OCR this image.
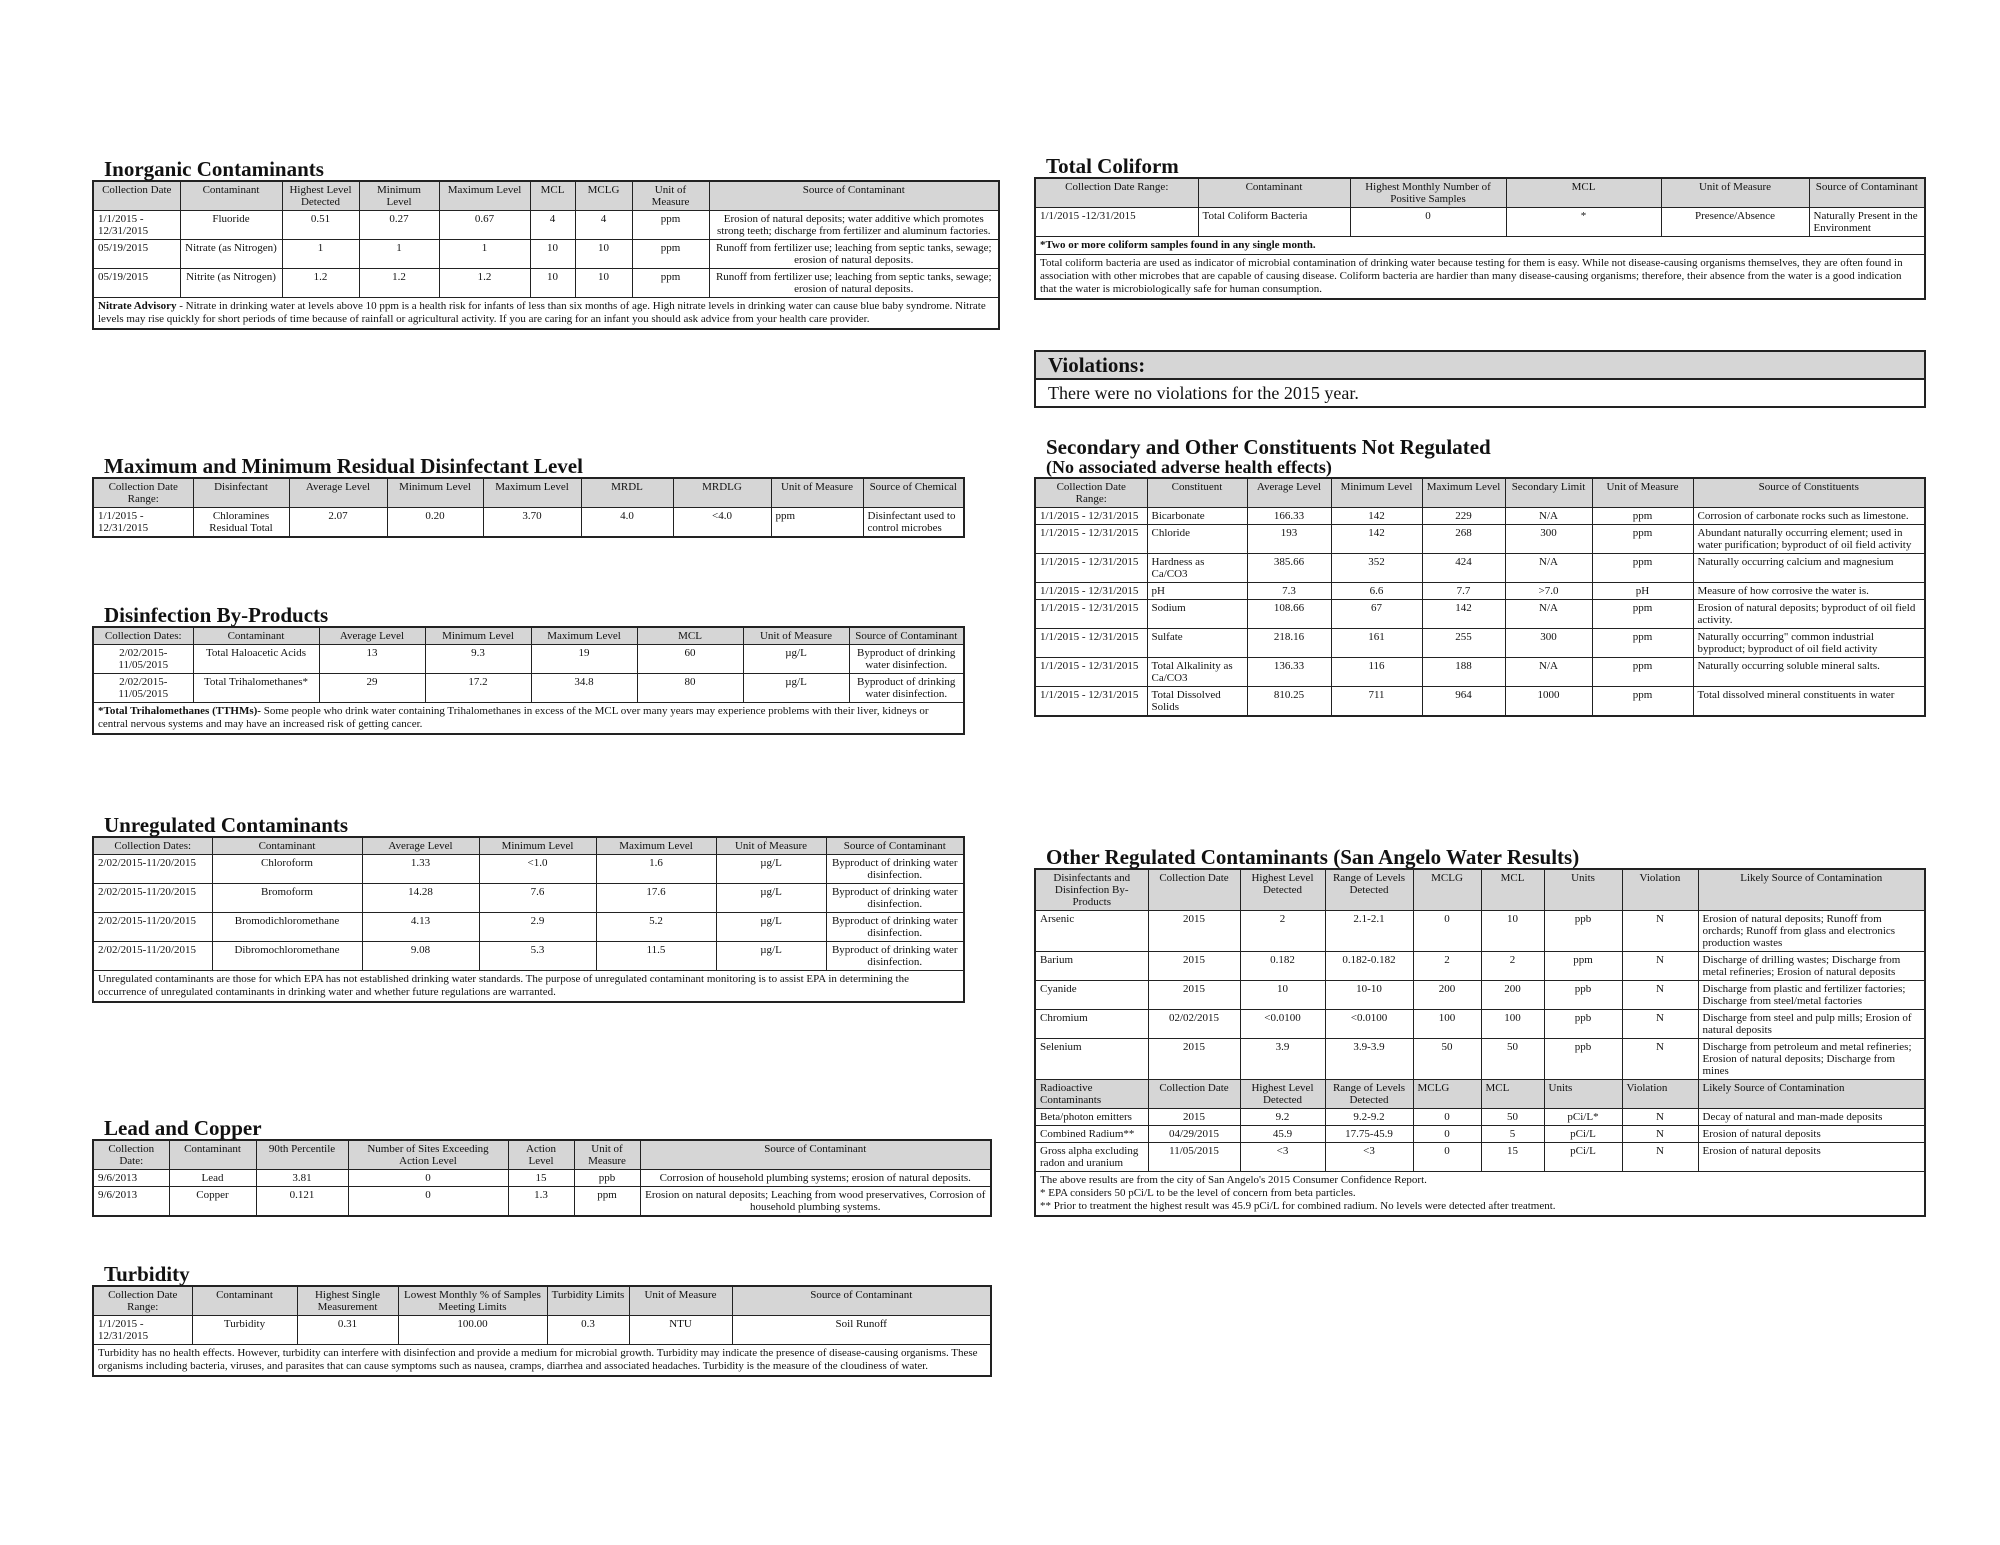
Inorganic Contaminants
Collection Date	Contaminant	Highest Level Detected	Minimum Level	Maximum Level	MCL	MCLG	Unit of Measure	Source of Contaminant
1/1/2015 - 12/31/2015	Fluoride	0.51	0.27	0.67	4	4	ppm	Erosion of natural deposits; water additive which promotes strong teeth; discharge from fertilizer and aluminum factories.
05/19/2015	Nitrate (as Nitrogen)	1	1	1	10	10	ppm	Runoff from fertilizer use; leaching from septic tanks, sewage; erosion of natural deposits.
05/19/2015	Nitrite (as Nitrogen)	1.2	1.2	1.2	10	10	ppm	Runoff from fertilizer use; leaching from septic tanks, sewage; erosion of natural deposits.
Nitrate Advisory - Nitrate in drinking water at levels above 10 ppm is a health risk for infants of less than six months of age. High nitrate levels in drinking water can cause blue baby syndrome. Nitrate levels may rise quickly for short periods of time because of rainfall or agricultural activity. If you are caring for an infant you should ask advice from your health care provider.								
Maximum and Minimum Residual Disinfectant Level
Collection Date Range:	Disinfectant	Average Level	Minimum Level	Maximum Level	MRDL	MRDLG	Unit of Measure	Source of Chemical
1/1/2015 - 12/31/2015	Chloramines Residual Total	2.07	0.20	3.70	4.0	<4.0	ppm	Disinfectant used to control microbes
Disinfection By-Products
Collection Dates:	Contaminant	Average Level	Minimum Level	Maximum Level	MCL	Unit of Measure	Source of Contaminant
2/02/2015-11/05/2015	Total Haloacetic Acids	13	9.3	19	60	µg/L	Byproduct of drinking water disinfection.
2/02/2015-11/05/2015	Total Trihalomethanes*	29	17.2	34.8	80	µg/L	Byproduct of drinking water disinfection.
*Total Trihalomethanes (TTHMs)- Some people who drink water containing Trihalomethanes in excess of the MCL over many years may experience problems with their liver, kidneys or central nervous systems and may have an increased risk of getting cancer.							
Unregulated Contaminants
Collection Dates:	Contaminant	Average Level	Minimum Level	Maximum Level	Unit of Measure	Source of Contaminant
2/02/2015-11/20/2015	Chloroform	1.33	<1.0	1.6	µg/L	Byproduct of drinking water disinfection.
2/02/2015-11/20/2015	Bromoform	14.28	7.6	17.6	µg/L	Byproduct of drinking water disinfection.
2/02/2015-11/20/2015	Bromodichloromethane	4.13	2.9	5.2	µg/L	Byproduct of drinking water disinfection.
2/02/2015-11/20/2015	Dibromochloromethane	9.08	5.3	11.5	µg/L	Byproduct of drinking water disinfection.
Unregulated contaminants are those for which EPA has not established drinking water standards. The purpose of unregulated contaminant monitoring is to assist EPA in determining the occurrence of unregulated contaminants in drinking water and whether future regulations are warranted.						
Lead and Copper
Collection Date:	Contaminant	90th Percentile	Number of Sites Exceeding Action Level	Action Level	Unit of Measure	Source of Contaminant
9/6/2013	Lead	3.81	0	15	ppb	Corrosion of household plumbing systems; erosion of natural deposits.
9/6/2013	Copper	0.121	0	1.3	ppm	Erosion on natural deposits; Leaching from wood preservatives, Corrosion of household plumbing systems.
Turbidity
Collection Date Range:	Contaminant	Highest Single Measurement	Lowest Monthly % of Samples Meeting Limits	Turbidity Limits	Unit of Measure	Source of Contaminant
1/1/2015 - 12/31/2015	Turbidity	0.31	100.00	0.3	NTU	Soil Runoff
Turbidity has no health effects. However, turbidity can interfere with disinfection and provide a medium for microbial growth. Turbidity may indicate the presence of disease-causing organisms. These organisms including bacteria, viruses, and parasites that can cause symptoms such as nausea, cramps, diarrhea and associated headaches. Turbidity is the measure of the cloudiness of water.						
Total Coliform
Collection Date Range:	Contaminant	Highest Monthly Number of Positive Samples	MCL	Unit of Measure	Source of Contaminant
1/1/2015 -12/31/2015	Total Coliform Bacteria	0	*	Presence/Absence	Naturally Present in the Environment
*Two or more coliform samples found in any single month.					
Total coliform bacteria are used as indicator of microbial contamination of drinking water because testing for them is easy. While not disease-causing organisms themselves, they are often found in association with other microbes that are capable of causing disease. Coliform bacteria are hardier than many disease-causing organisms; therefore, their absence from the water is a good indication that the water is microbiologically safe for human consumption.					
Violations:
There were no violations for the 2015 year.
Secondary and Other Constituents Not Regulated
(No associated adverse health effects)
Collection Date Range:	Constituent	Average Level	Minimum Level	Maximum Level	Secondary Limit	Unit of Measure	Source of Constituents
1/1/2015 - 12/31/2015	Bicarbonate	166.33	142	229	N/A	ppm	Corrosion of carbonate rocks such as limestone.
1/1/2015 - 12/31/2015	Chloride	193	142	268	300	ppm	Abundant naturally occurring element; used in water purification; byproduct of oil field activity
1/1/2015 - 12/31/2015	Hardness as Ca/CO3	385.66	352	424	N/A	ppm	Naturally occurring calcium and magnesium
1/1/2015 - 12/31/2015	pH	7.3	6.6	7.7	>7.0	pH	Measure of how corrosive the water is.
1/1/2015 - 12/31/2015	Sodium	108.66	67	142	N/A	ppm	Erosion of natural deposits; byproduct of oil field activity.
1/1/2015 - 12/31/2015	Sulfate	218.16	161	255	300	ppm	Naturally occurring" common industrial byproduct; byproduct of oil field activity
1/1/2015 - 12/31/2015	Total Alkalinity as Ca/CO3	136.33	116	188	N/A	ppm	Naturally occurring soluble mineral salts.
1/1/2015 - 12/31/2015	Total Dissolved Solids	810.25	711	964	1000	ppm	Total dissolved mineral constituents in water
Other Regulated Contaminants (San Angelo Water Results)
Disinfectants and Disinfection By-Products	Collection Date	Highest Level Detected	Range of Levels Detected	MCLG	MCL	Units	Violation	Likely Source of Contamination
Arsenic	2015	2	2.1-2.1	0	10	ppb	N	Erosion of natural deposits; Runoff from orchards; Runoff from glass and electronics production wastes
Barium	2015	0.182	0.182-0.182	2	2	ppm	N	Discharge of drilling wastes; Discharge from metal refineries; Erosion of natural deposits
Cyanide	2015	10	10-10	200	200	ppb	N	Discharge from plastic and fertilizer factories; Discharge from steel/metal factories
Chromium	02/02/2015	<0.0100	<0.0100	100	100	ppb	N	Discharge from steel and pulp mills; Erosion of natural deposits
Selenium	2015	3.9	3.9-3.9	50	50	ppb	N	Discharge from petroleum and metal refineries; Erosion of natural deposits; Discharge from mines
Radioactive Contaminants	Collection Date	Highest Level Detected	Range of Levels Detected	MCLG	MCL	Units	Violation	Likely Source of Contamination
Beta/photon emitters	2015	9.2	9.2-9.2	0	50	pCi/L*	N	Decay of natural and man-made deposits
Combined Radium**	04/29/2015	45.9	17.75-45.9	0	5	pCi/L	N	Erosion of natural deposits
Gross alpha excluding radon and uranium	11/05/2015	<3	<3	0	15	pCi/L	N	Erosion of natural deposits

The above results are from the city of San Angelo's 2015 Consumer Confidence Report.
* EPA considers 50 pCi/L to be the level of concern from beta particles.
** Prior to treatment the highest result was 45.9 pCi/L for combined radium. No levels were detected after treatment.								
